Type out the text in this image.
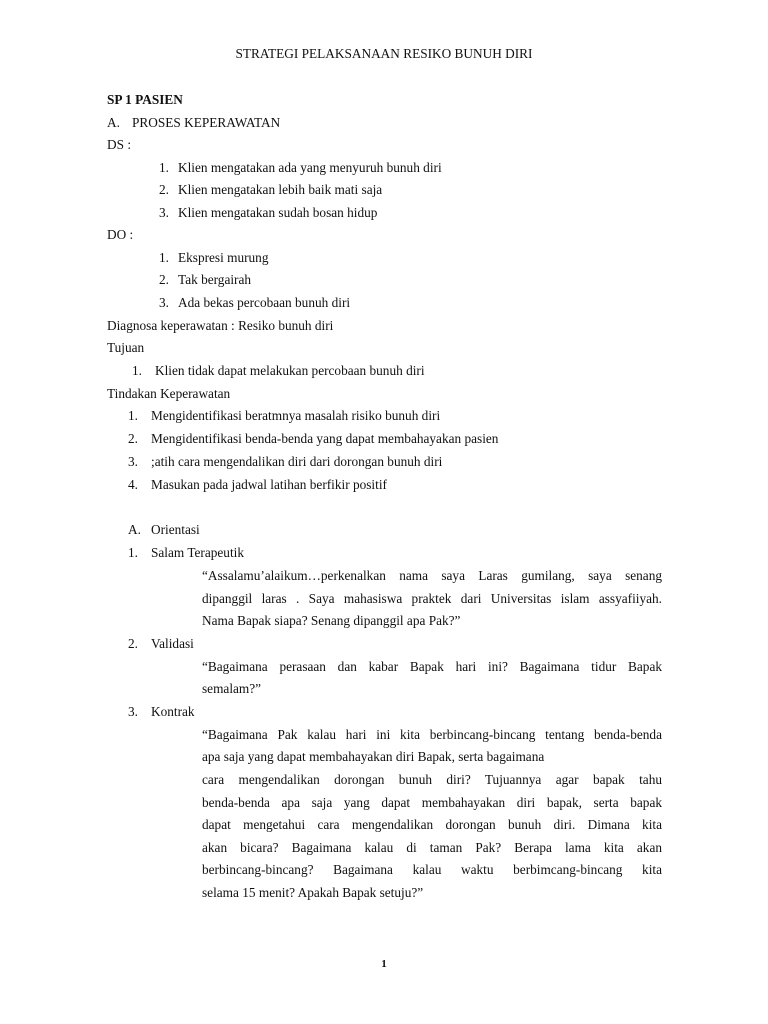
STRATEGI PELAKSANAAN RESIKO BUNUH DIRI
SP 1 PASIEN
A. PROSES KEPERAWATAN
DS :
1. Klien mengatakan ada yang menyuruh bunuh diri
2. Klien mengatakan lebih baik mati saja
3. Klien mengatakan sudah bosan hidup
DO :
1. Ekspresi murung
2. Tak bergairah
3. Ada bekas percobaan bunuh diri
Diagnosa keperawatan : Resiko bunuh diri
Tujuan
1. Klien tidak dapat melakukan percobaan bunuh diri
Tindakan Keperawatan
1. Mengidentifikasi beratmnya masalah risiko bunuh diri
2. Mengidentifikasi benda-benda yang dapat membahayakan pasien
3. ;atih cara mengendalikan diri dari dorongan bunuh diri
4. Masukan pada jadwal latihan berfikir positif
A. Orientasi
1. Salam Terapeutik
“Assalamu’alaikum…perkenalkan nama saya Laras gumilang, saya senang
dipanggil laras . Saya mahasiswa praktek dari Universitas islam assyafiiyah.
Nama Bapak siapa? Senang dipanggil apa Pak?”
2. Validasi
“Bagaimana perasaan dan kabar Bapak hari ini? Bagaimana tidur Bapak
semalam?”
3. Kontrak
“Bagaimana Pak kalau hari ini kita berbincang-bincang tentang benda-benda
apa saja yang dapat membahayakan diri Bapak, serta bagaimana
cara mengendalikan dorongan bunuh diri? Tujuannya agar bapak tahu
benda-benda apa saja yang dapat membahayakan diri bapak, serta bapak
dapat mengetahui cara mengendalikan dorongan bunuh diri. Dimana kita
akan bicara? Bagaimana kalau di taman Pak? Berapa lama kita akan
berbincang-bincang? Bagaimana kalau waktu berbimcang-bincang kita
selama 15 menit? Apakah Bapak setuju?”
1
